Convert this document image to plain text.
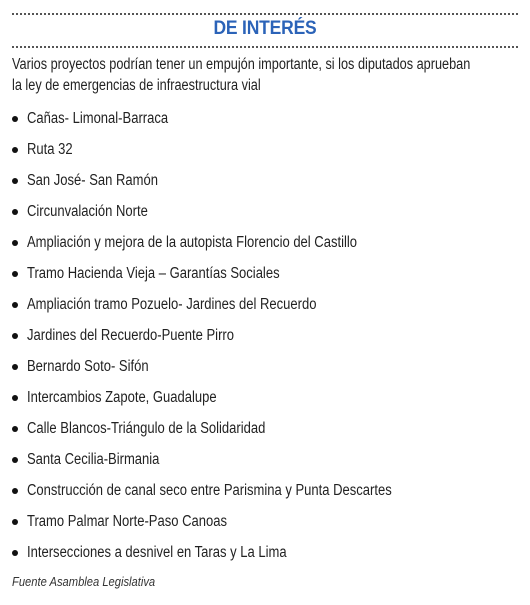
DE INTERÉS

Varios proyectos podrían tener un empujón importante, si los diputados aprueban
la ley de emergencias de infraestructura vial

Cañas- Limonal-Barraca
Ruta 32
San José- San Ramón
Circunvalación Norte
Ampliación y mejora de la autopista Florencio del Castillo
Tramo Hacienda Vieja – Garantías Sociales
Ampliación tramo Pozuelo- Jardines del Recuerdo
Jardines del Recuerdo-Puente Pirro
Bernardo Soto- Sifón
Intercambios Zapote, Guadalupe
Calle Blancos-Triángulo de la Solidaridad
Santa Cecilia-Birmania
Construcción de canal seco entre Parismina y Punta Descartes
Tramo Palmar Norte-Paso Canoas
Intersecciones a desnivel en Taras y La Lima
Fuente Asamblea Legislativa
